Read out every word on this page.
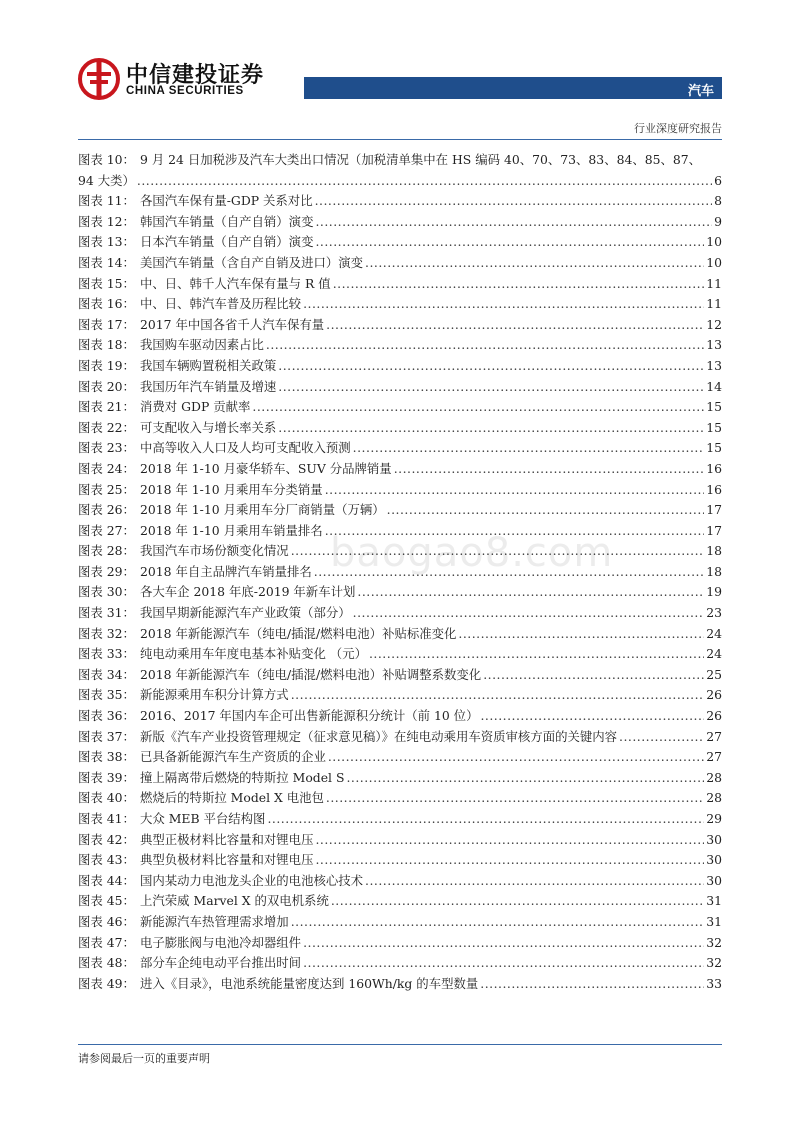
中信建投证券
CHINA SECURITIES	汽车
行业深度研究报告
baogao8.com
图表 10： 9 月 24 日加税涉及汽车大类出口情况（加税清单集中在 HS 编码 40、70、73、83、84、85、87、
94 大类） .....	6
图表 11： 各国汽车保有量-GDP 关系对比 .....	8
图表 12： 韩国汽车销量（自产自销）演变 .....	9
图表 13： 日本汽车销量（自产自销）演变 .....	10
图表 14： 美国汽车销量（含自产自销及进口）演变 .....	10
图表 15： 中、日、韩千人汽车保有量与 R 值 .....	11
图表 16： 中、日、韩汽车普及历程比较 .....	11
图表 17： 2017 年中国各省千人汽车保有量 .....	12
图表 18： 我国购车驱动因素占比 .....	13
图表 19： 我国车辆购置税相关政策 .....	13
图表 20： 我国历年汽车销量及增速 .....	14
图表 21： 消费对 GDP 贡献率 .....	15
图表 22： 可支配收入与增长率关系 .....	15
图表 23： 中高等收入人口及人均可支配收入预测 .....	15
图表 24： 2018 年 1-10 月豪华轿车、SUV 分品牌销量 .....	16
图表 25： 2018 年 1-10 月乘用车分类销量 .....	16
图表 26： 2018 年 1-10 月乘用车分厂商销量（万辆） .....	17
图表 27： 2018 年 1-10 月乘用车销量排名 .....	17
图表 28： 我国汽车市场份额变化情况 .....	18
图表 29： 2018 年自主品牌汽车销量排名 .....	18
图表 30： 各大车企 2018 年底-2019 年新车计划 .....	19
图表 31： 我国早期新能源汽车产业政策（部分） .....	23
图表 32： 2018 年新能源汽车（纯电/插混/燃料电池）补贴标准变化 .....	24
图表 33： 纯电动乘用车年度电基本补贴变化 （元） .....	24
图表 34： 2018 年新能源汽车（纯电/插混/燃料电池）补贴调整系数变化 .....	25
图表 35： 新能源乘用车积分计算方式 .....	26
图表 36： 2016、2017 年国内车企可出售新能源积分统计（前 10 位） .....	26
图表 37： 新版《汽车产业投资管理规定（征求意见稿）》在纯电动乘用车资质审核方面的关键内容 .....	27
图表 38： 已具备新能源汽车生产资质的企业 .....	27
图表 39： 撞上隔离带后燃烧的特斯拉 Model S .....	28
图表 40： 燃烧后的特斯拉 Model X 电池包 .....	28
图表 41： 大众 MEB 平台结构图 .....	29
图表 42： 典型正极材料比容量和对锂电压 .....	30
图表 43： 典型负极材料比容量和对锂电压 .....	30
图表 44： 国内某动力电池龙头企业的电池核心技术 .....	30
图表 45： 上汽荣威 Marvel X 的双电机系统 .....	31
图表 46： 新能源汽车热管理需求增加 .....	31
图表 47： 电子膨胀阀与电池冷却器组件 .....	32
图表 48： 部分车企纯电动平台推出时间 .....	32
图表 49： 进入《目录》，电池系统能量密度达到 160Wh/kg 的车型数量 .....	33
请参阅最后一页的重要声明
